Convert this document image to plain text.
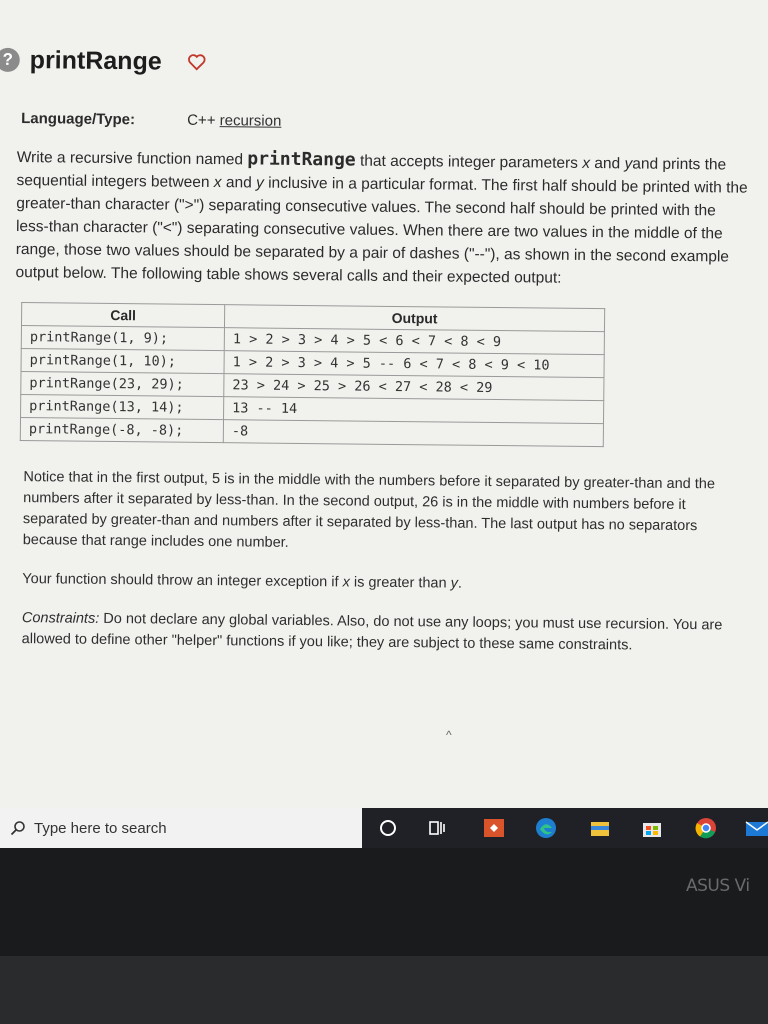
? printRange
Language/Type:	C++
recursion
Write a recursive function named printRange that accepts integer parameters x and yand prints the sequential integers between x and y inclusive in a particular format. The first half should be printed with the greater-than character (">") separating consecutive values. The second half should be printed with the less-than character ("<") separating consecutive values. When there are two values in the middle of the range, those two values should be separated by a pair of dashes ("--"), as shown in the second example output below. The following table shows several calls and their expected output:
Call	Output
printRange(1, 9);	1 > 2 > 3 > 4 > 5 < 6 < 7 < 8 < 9
printRange(1, 10);	1 > 2 > 3 > 4 > 5 -- 6 < 7 < 8 < 9 < 10
printRange(23, 29);	23 > 24 > 25 > 26 < 27 < 28 < 29
printRange(13, 14);	13 -- 14
printRange(-8, -8);	-8
Notice that in the first output, 5 is in the middle with the numbers before it separated by greater-than and the numbers after it separated by less-than. In the second output, 26 is in the middle with numbers before it separated by greater-than and numbers after it separated by less-than. The last output has no separators because that range includes one number.
Your function should throw an integer exception if x is greater than y.
Constraints: Do not declare any global variables. Also, do not use any loops; you must use recursion. You are allowed to define other "helper" functions if you like; they are subject to these same constraints.
^
Type here to search
ASUS Vi
